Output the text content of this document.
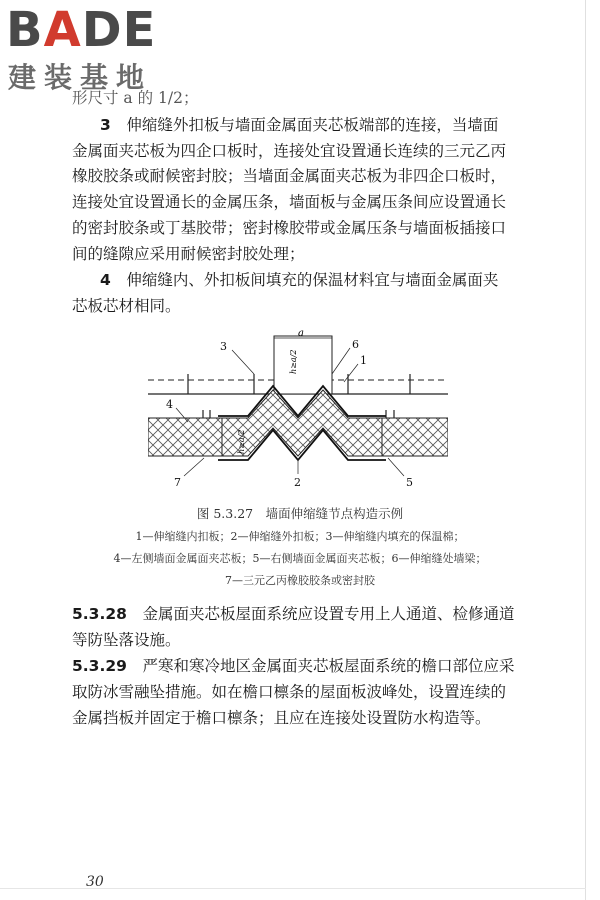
BADE
建装基地
形尺寸 a 的 1/2；
3　 伸缩缝外扣板与墙面金属面夹芯板端部的连接，当墙面
金属面夹芯板为四企口板时，连接处宜设置通长连续的三元乙丙
橡胶胶条或耐候密封胶；当墙面金属面夹芯板为非四企口板时，
连接处宜设置通长的金属压条，墙面板与金属压条间应设置通长
的密封胶条或丁基胶带；密封橡胶带或金属压条与墙面板插接口
间的缝隙应采用耐候密封胶处理；
4　 伸缩缝内、外扣板间填充的保温材料宜与墙面金属面夹
芯板芯材相同。
a
h≥a/2
h≥a/2
3	6
1
4
2	5
7
图 5.3.27　墙面伸缩缝节点构造示例
1—伸缩缝内扣板；2—伸缩缝外扣板；3—伸缩缝内填充的保温棉；
4—左侧墙面金属面夹芯板；5—右侧墙面金属面夹芯板；6—伸缩缝处墙梁；
7—三元乙丙橡胶胶条或密封胶
5.3.28　 金属面夹芯板屋面系统应设置专用上人通道、检修通道
等防坠落设施。
5.3.29　 严寒和寒冷地区金属面夹芯板屋面系统的檐口部位应采
取防冰雪融坠措施。如在檐口檩条的屋面板波峰处，设置连续的
金属挡板并固定于檐口檩条；且应在连接处设置防水构造等。
30
